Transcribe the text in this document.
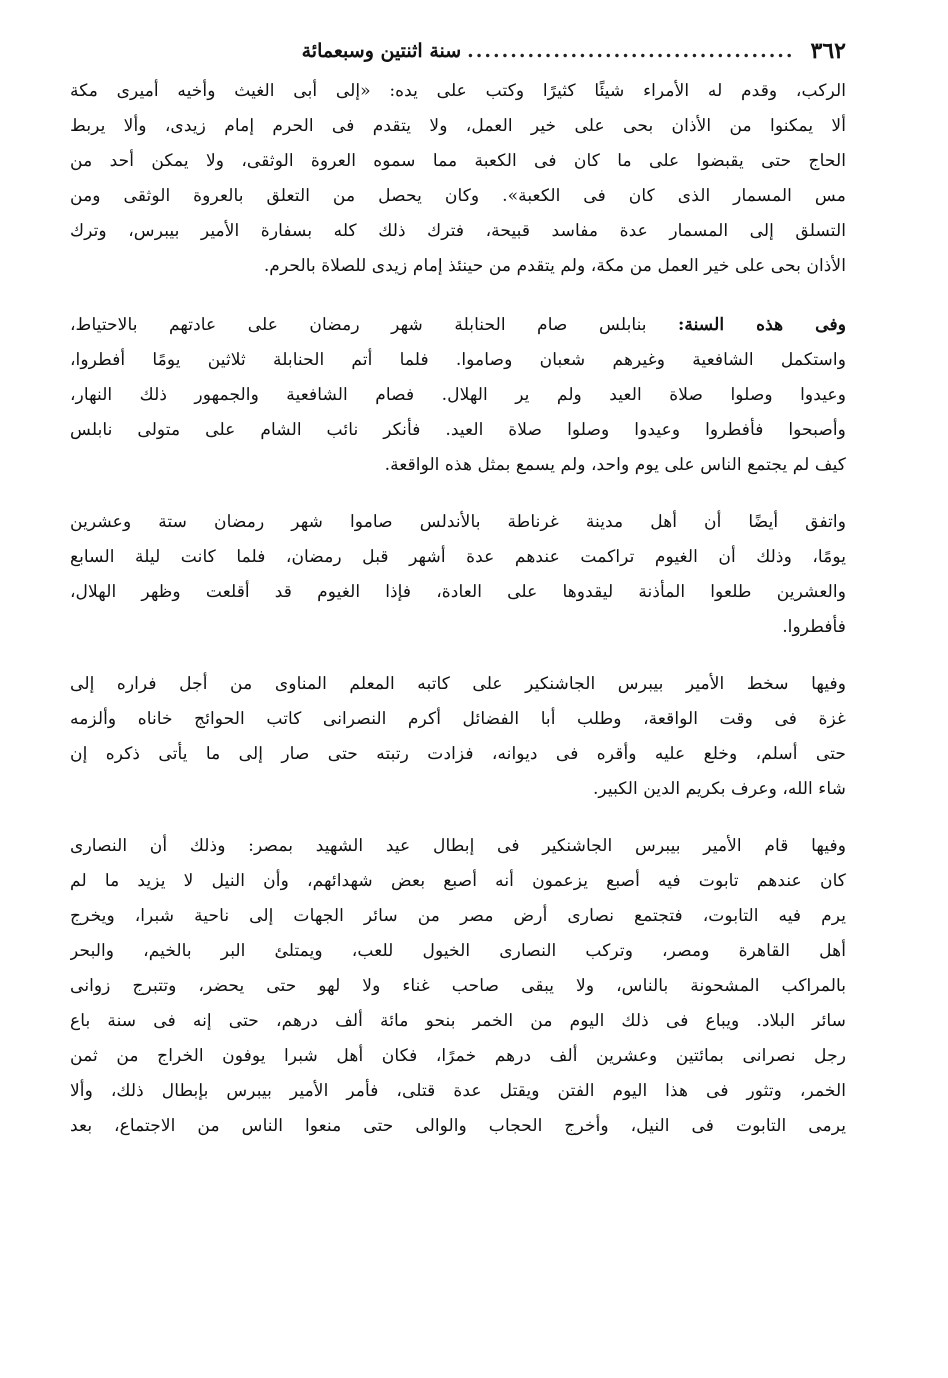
٣٦٢
......................................
سنة اثنتين وسبعمائة
الركب، وقدم له الأمراء شيئًا كثيرًا وكتب على يده: «إلى أبى الغيث وأخيه أميرى مكة
ألا يمكنوا من الأذان بحى على خير العمل، ولا يتقدم فى الحرم إمام زيدى، وألا يربط
الحاج حتى يقبضوا على ما كان فى الكعبة مما سموه العروة الوثقى، ولا يمكن أحد من
مس المسمار الذى كان فى الكعبة». وكان يحصل من التعلق بالعروة الوثقى ومن
التسلق إلى المسمار عدة مفاسد قبيحة، فترك ذلك كله بسفارة الأمير بيبرس، وترك
الأذان بحى على خير العمل من مكة، ولم يتقدم من حينئذ إمام زيدى للصلاة بالحرم.
وفى هذه السنة: بنابلس صام الحنابلة شهر رمضان على عادتهم بالاحتياط،
واستكمل الشافعية وغيرهم شعبان وصاموا. فلما أتم الحنابلة ثلاثين يومًا أفطروا،
وعيدوا وصلوا صلاة العيد ولم ير الهلال. فصام الشافعية والجمهور ذلك النهار،
وأصبحوا فأفطروا وعيدوا وصلوا صلاة العيد. فأنكر نائب الشام على متولى نابلس
كيف لم يجتمع الناس على يوم واحد، ولم يسمع بمثل هذه الواقعة.
واتفق أيضًا أن أهل مدينة غرناطة بالأندلس صاموا شهر رمضان ستة وعشرين
يومًا، وذلك أن الغيوم تراكمت عندهم عدة أشهر قبل رمضان، فلما كانت ليلة السابع
والعشرين طلعوا المأذنة ليقدوها على العادة، فإذا الغيوم قد أقلعت وظهر الهلال،
فأفطروا.
وفيها سخط الأمير بيبرس الجاشنكير على كاتبه المعلم المناوى من أجل فراره إلى
غزة فى وقت الواقعة، وطلب أبا الفضائل أكرم النصرانى كاتب الحوائج خاناه وألزمه
حتى أسلم، وخلع عليه وأقره فى ديوانه، فزادت رتبته حتى صار إلى ما يأتى ذكره إن
شاء الله، وعرف بكريم الدين الكبير.
وفيها قام الأمير بيبرس الجاشنكير فى إبطال عيد الشهيد بمصر: وذلك أن النصارى
كان عندهم تابوت فيه أصبع يزعمون أنه أصبع بعض شهدائهم، وأن النيل لا يزيد ما لم
يرم فيه التابوت، فتجتمع نصارى أرض مصر من سائر الجهات إلى ناحية شبرا، ويخرج
أهل القاهرة ومصر، وتركب النصارى الخيول للعب، ويمتلئ البر بالخيم، والبحر
بالمراكب المشحونة بالناس، ولا يبقى صاحب غناء ولا لهو حتى يحضر، وتتبرج زوانى
سائر البلاد. ويباع فى ذلك اليوم من الخمر بنحو مائة ألف درهم، حتى إنه فى سنة باع
رجل نصرانى بمائتين وعشرين ألف درهم خمرًا، فكان أهل شبرا يوفون الخراج من ثمن
الخمر، وتثور فى هذا اليوم الفتن ويقتل عدة قتلى، فأمر الأمير بيبرس بإبطال ذلك، وألا
يرمى التابوت فى النيل، وأخرج الحجاب والوالى حتى منعوا الناس من الاجتماع، بعد
